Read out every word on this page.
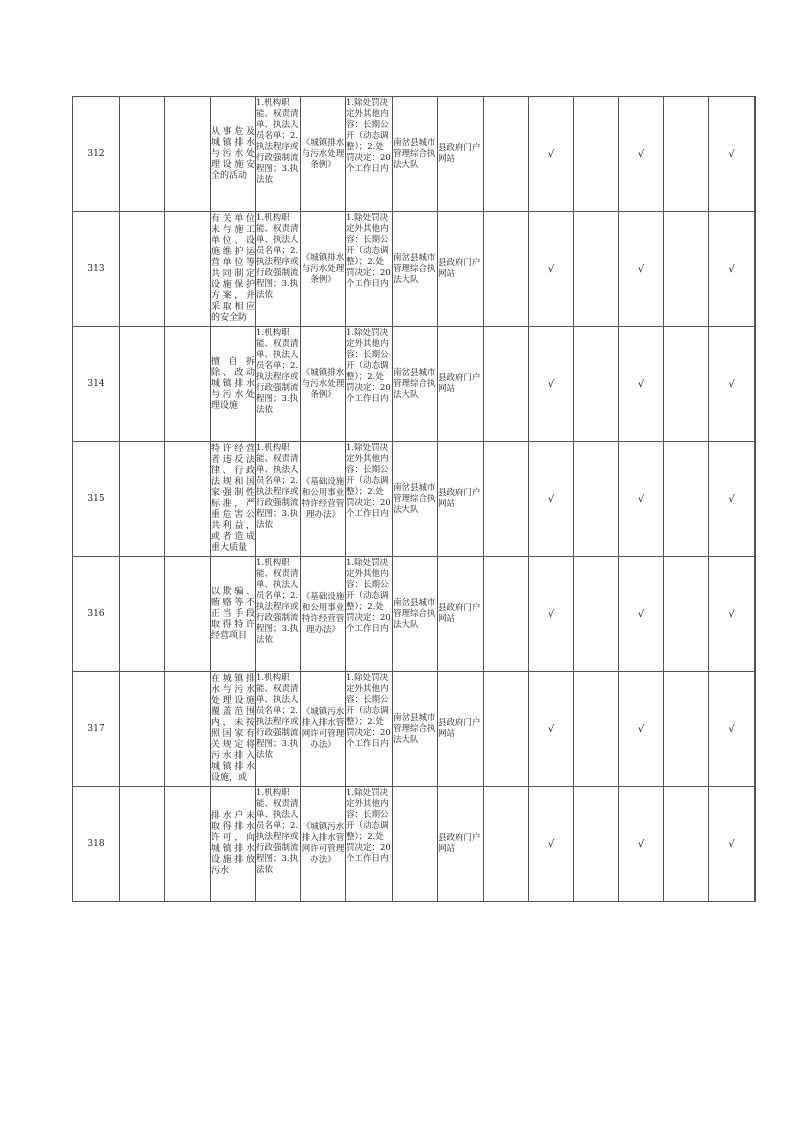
312			从事危及城镇排水与污水处理设施安全的活动	1.机构职能、权责清单、执法人员名单；2.执法程序或行政强制流程图；3.执法依	《城镇排水与污水处理条例》	1.除处罚决定外其他内容：长期公开（动态调整）；2.处罚决定：20个工作日内	南岔县城市管理综合执法大队	县政府门户网站		√		√		√	
313			有关单位未与施工单位、设施维护运营单位等共同制定设施保护方案，并采取相应的安全防	1.机构职能、权责清单、执法人员名单；2.执法程序或行政强制流程图；3.执法依	《城镇排水与污水处理条例》	1.除处罚决定外其他内容：长期公开（动态调整）；2.处罚决定：20个工作日内	南岔县城市管理综合执法大队	县政府门户网站		√		√		√	
314			擅自拆除、改动城镇排水与污水处理设施	1.机构职能、权责清单、执法人员名单；2.执法程序或行政强制流程图；3.执法依	《城镇排水与污水处理条例》	1.除处罚决定外其他内容：长期公开（动态调整）；2.处罚决定：20个工作日内	南岔县城市管理综合执法大队	县政府门户网站		√		√		√	
315			特许经营者违反法律、行政法规和国家强制性标准，严重危害公共利益，或者造成重大质量	1.机构职能、权责清单、执法人员名单；2.执法程序或行政强制流程图；3.执法依	《基础设施和公用事业特许经营管理办法》	1.除处罚决定外其他内容：长期公开（动态调整）；2.处罚决定：20个工作日内	南岔县城市管理综合执法大队	县政府门户网站		√		√		√	
316			以欺骗、贿赂等不正当手段取得特许经营项目	1.机构职能、权责清单、执法人员名单；2.执法程序或行政强制流程图；3.执法依	《基础设施和公用事业特许经营管理办法》	1.除处罚决定外其他内容：长期公开（动态调整）；2.处罚决定：20个工作日内	南岔县城市管理综合执法大队	县政府门户网站		√		√		√	
317			在城镇排水与污水处理设施覆盖范围内，未按照国家有关规定将污水排入城镇排水设施，或	1.机构职能、权责清单、执法人员名单；2.执法程序或行政强制流程图；3.执法依	《城镇污水排入排水管网许可管理办法》	1.除处罚决定外其他内容：长期公开（动态调整）；2.处罚决定：20个工作日内	南岔县城市管理综合执法大队	县政府门户网站		√		√		√	
318			排水户未取得排水许可，向城镇排水设施排放污水	1.机构职能、权责清单、执法人员名单；2.执法程序或行政强制流程图；3.执法依	《城镇污水排入排水管网许可管理办法》	1.除处罚决定外其他内容：长期公开（动态调整）；2.处罚决定：20个工作日内		县政府门户网站		√		√		√	
